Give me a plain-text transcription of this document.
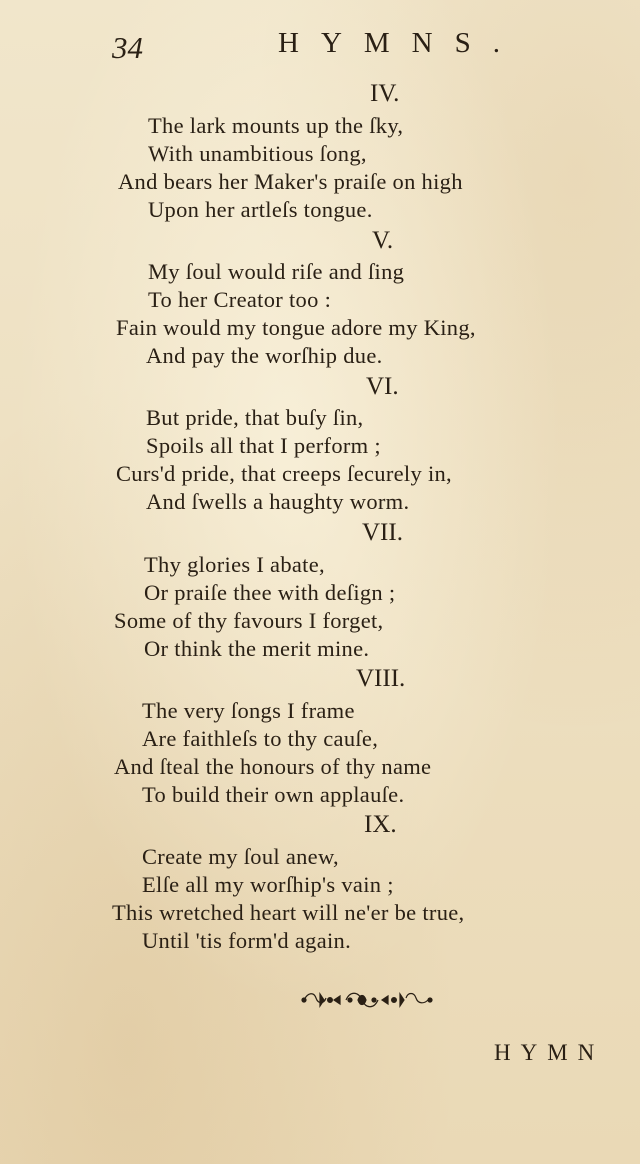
34	HYMNS.
IV.
The lark mounts up the ſky,
With unambitious ſong,
And bears her Maker's praiſe on high
Upon her artleſs tongue.
V.
My ſoul would riſe and ſing
To her Creator too :
Fain would my tongue adore my King,
And pay the worſhip due.
VI.
But pride, that buſy ſin,
Spoils all that I perform ;
Curs'd pride, that creeps ſecurely in,
And ſwells a haughty worm.
VII.
Thy glories I abate,
Or praiſe thee with deſign ;
Some of thy favours I forget,
Or think the merit mine.
VIII.
The very ſongs I frame
Are faithleſs to thy cauſe,
And ſteal the honours of thy name
To build their own applauſe.
IX.
Create my ſoul anew,
Elſe all my worſhip's vain ;
This wretched heart will ne'er be true,
Until 'tis form'd again.
HYMN
